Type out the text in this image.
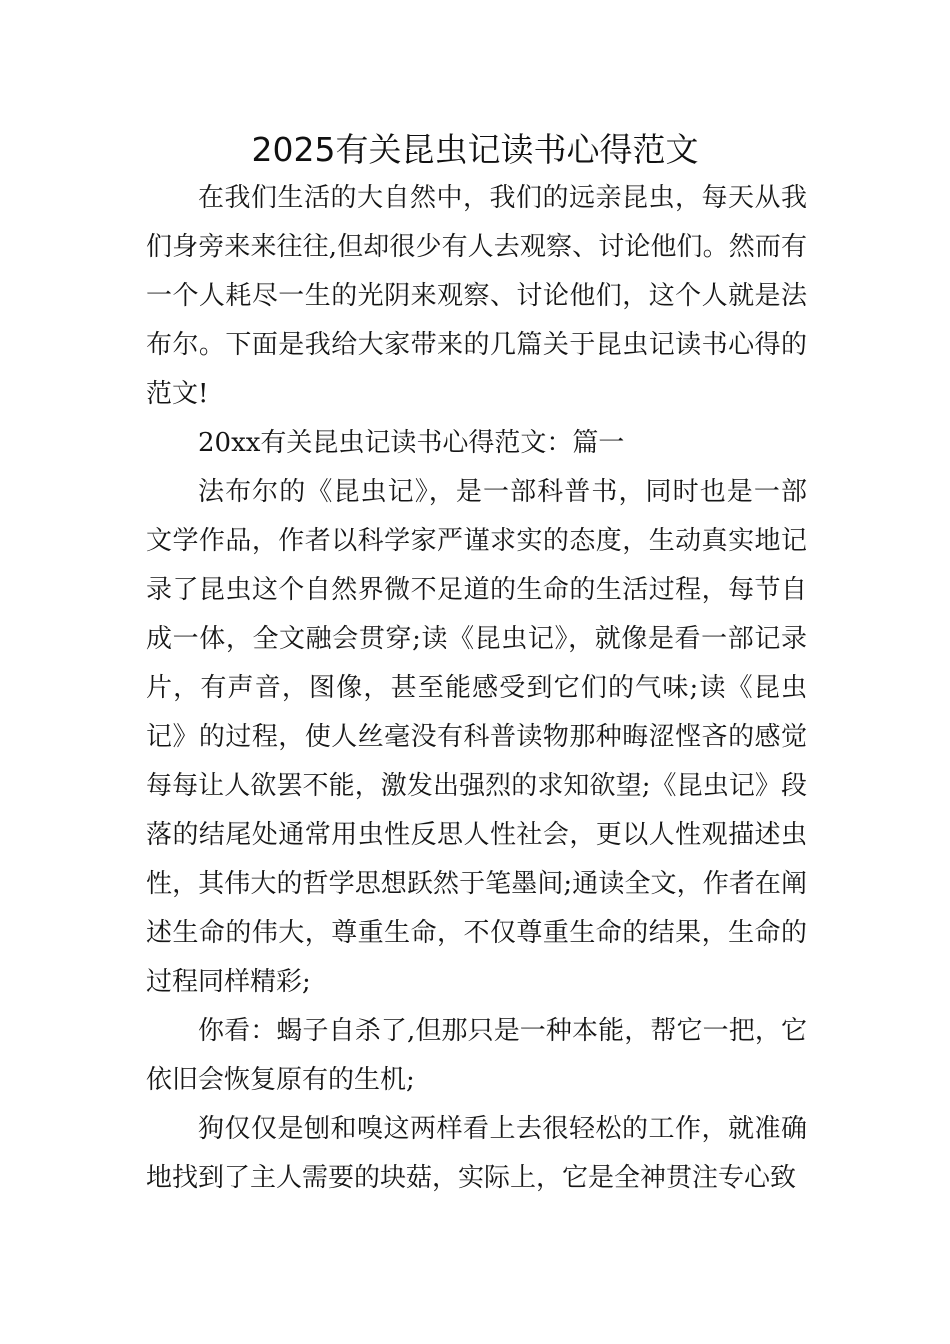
2025有关昆虫记读书心得范文

在我们生活的大自然中，我们的远亲昆虫，每天从我们身旁来来往往,但却很少有人去观察、讨论他们。然而有一个人耗尽一生的光阴来观察、讨论他们，这个人就是法布尔。下面是我给大家带来的几篇关于昆虫记读书心得的范文!

20xx有关昆虫记读书心得范文：篇一

法布尔的《昆虫记》，是一部科普书，同时也是一部文学作品，作者以科学家严谨求实的态度，生动真实地记录了昆虫这个自然界微不足道的生命的生活过程，每节自成一体，全文融会贯穿;读《昆虫记》，就像是看一部记录片，有声音，图像，甚至能感受到它们的气味;读《昆虫记》的过程，使人丝毫没有科普读物那种晦涩悭吝的感觉每每让人欲罢不能，激发出强烈的求知欲望;《昆虫记》段落的结尾处通常用虫性反思人性社会，更以人性观描述虫性，其伟大的哲学思想跃然于笔墨间;通读全文，作者在阐述生命的伟大，尊重生命，不仅尊重生命的结果，生命的过程同样精彩;

你看：蝎子自杀了,但那只是一种本能，帮它一把，它依旧会恢复原有的生机;

狗仅仅是刨和嗅这两样看上去很轻松的工作，就准确地找到了主人需要的块菇，实际上，它是全神贯注专心致
